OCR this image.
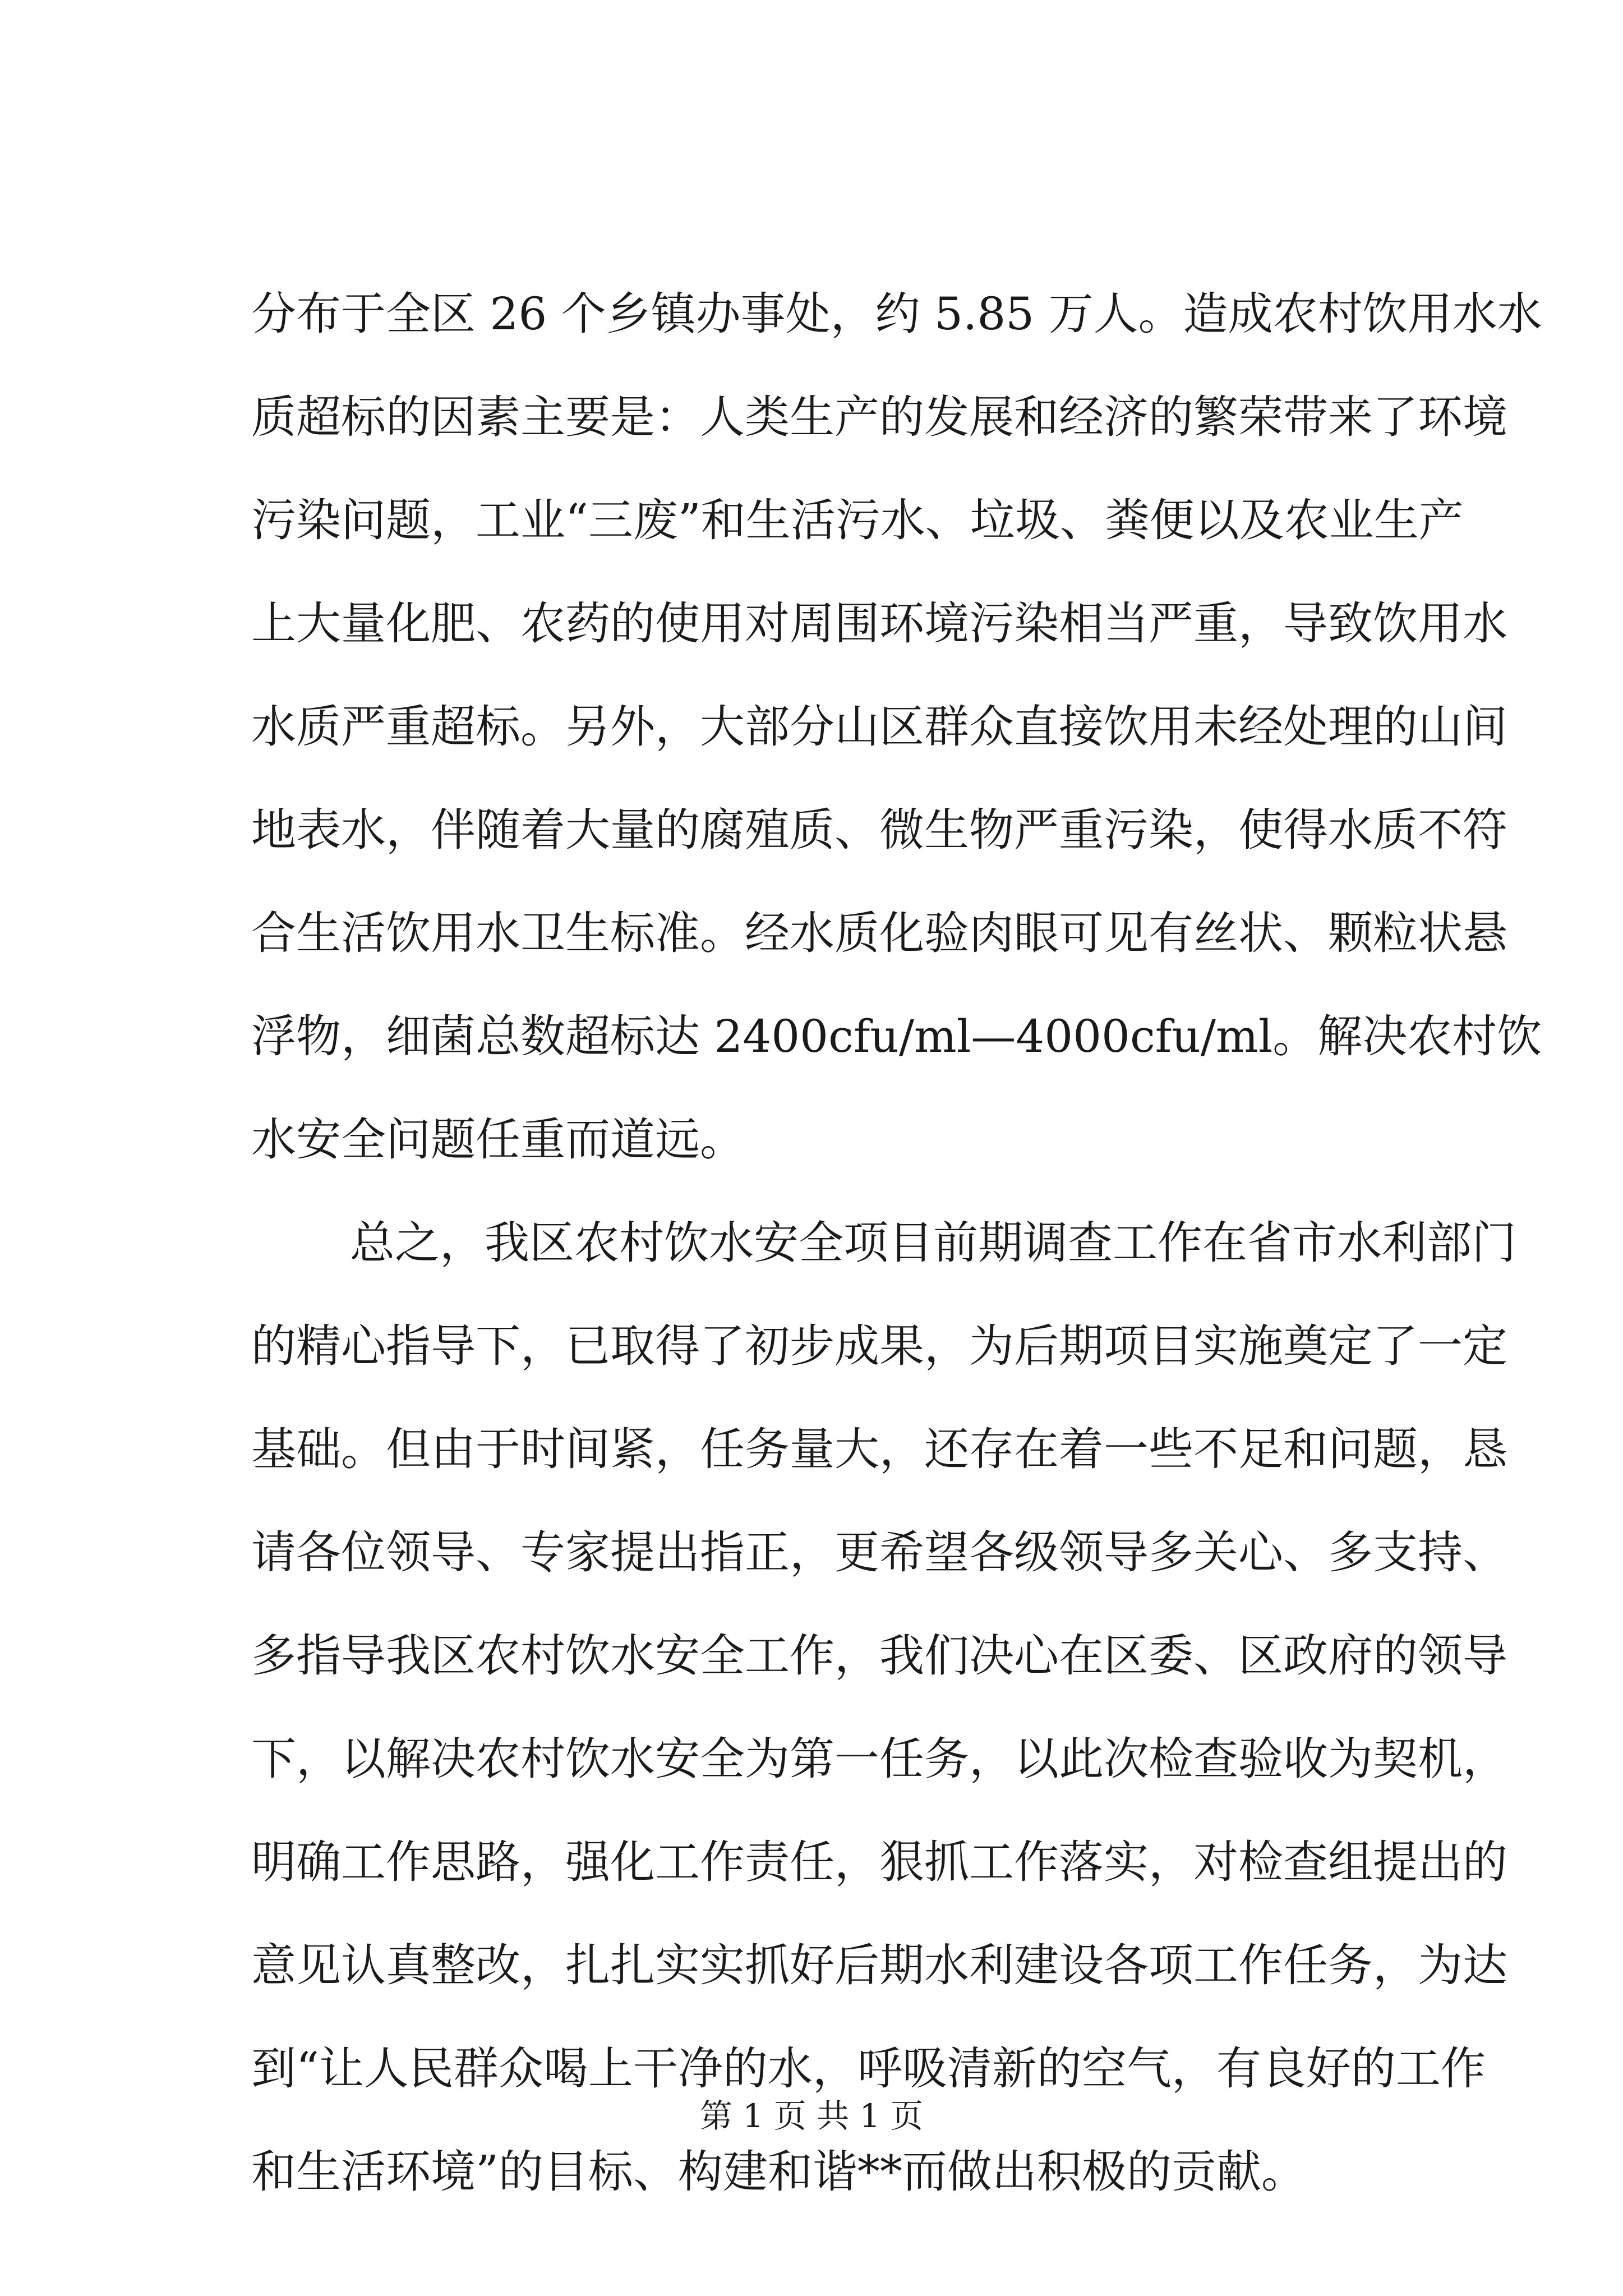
分布于全区 26 个乡镇办事处，约 5.85 万人。造成农村饮用水水
质超标的因素主要是：人类生产的发展和经济的繁荣带来了环境
污染问题，工业“三废”和生活污水、垃圾、粪便以及农业生产
上大量化肥、农药的使用对周围环境污染相当严重，导致饮用水
水质严重超标。另外，大部分山区群众直接饮用未经处理的山间
地表水，伴随着大量的腐殖质、微生物严重污染，使得水质不符
合生活饮用水卫生标准。经水质化验肉眼可见有丝状、颗粒状悬
浮物，细菌总数超标达 2400cfu/ml—4000cfu/ml。解决农村饮
水安全问题任重而道远。
总之，我区农村饮水安全项目前期调查工作在省市水利部门
的精心指导下，已取得了初步成果，为后期项目实施奠定了一定
基础。但由于时间紧，任务量大，还存在着一些不足和问题，恳
请各位领导、专家提出指正，更希望各级领导多关心、多支持、
多指导我区农村饮水安全工作，我们决心在区委、区政府的领导
下，以解决农村饮水安全为第一任务，以此次检查验收为契机，
明确工作思路，强化工作责任，狠抓工作落实，对检查组提出的
意见认真整改，扎扎实实抓好后期水利建设各项工作任务，为达
到“让人民群众喝上干净的水，呼吸清新的空气，有良好的工作
和生活环境”的目标、构建和谐**而做出积极的贡献。
第 1 页 共 1 页
